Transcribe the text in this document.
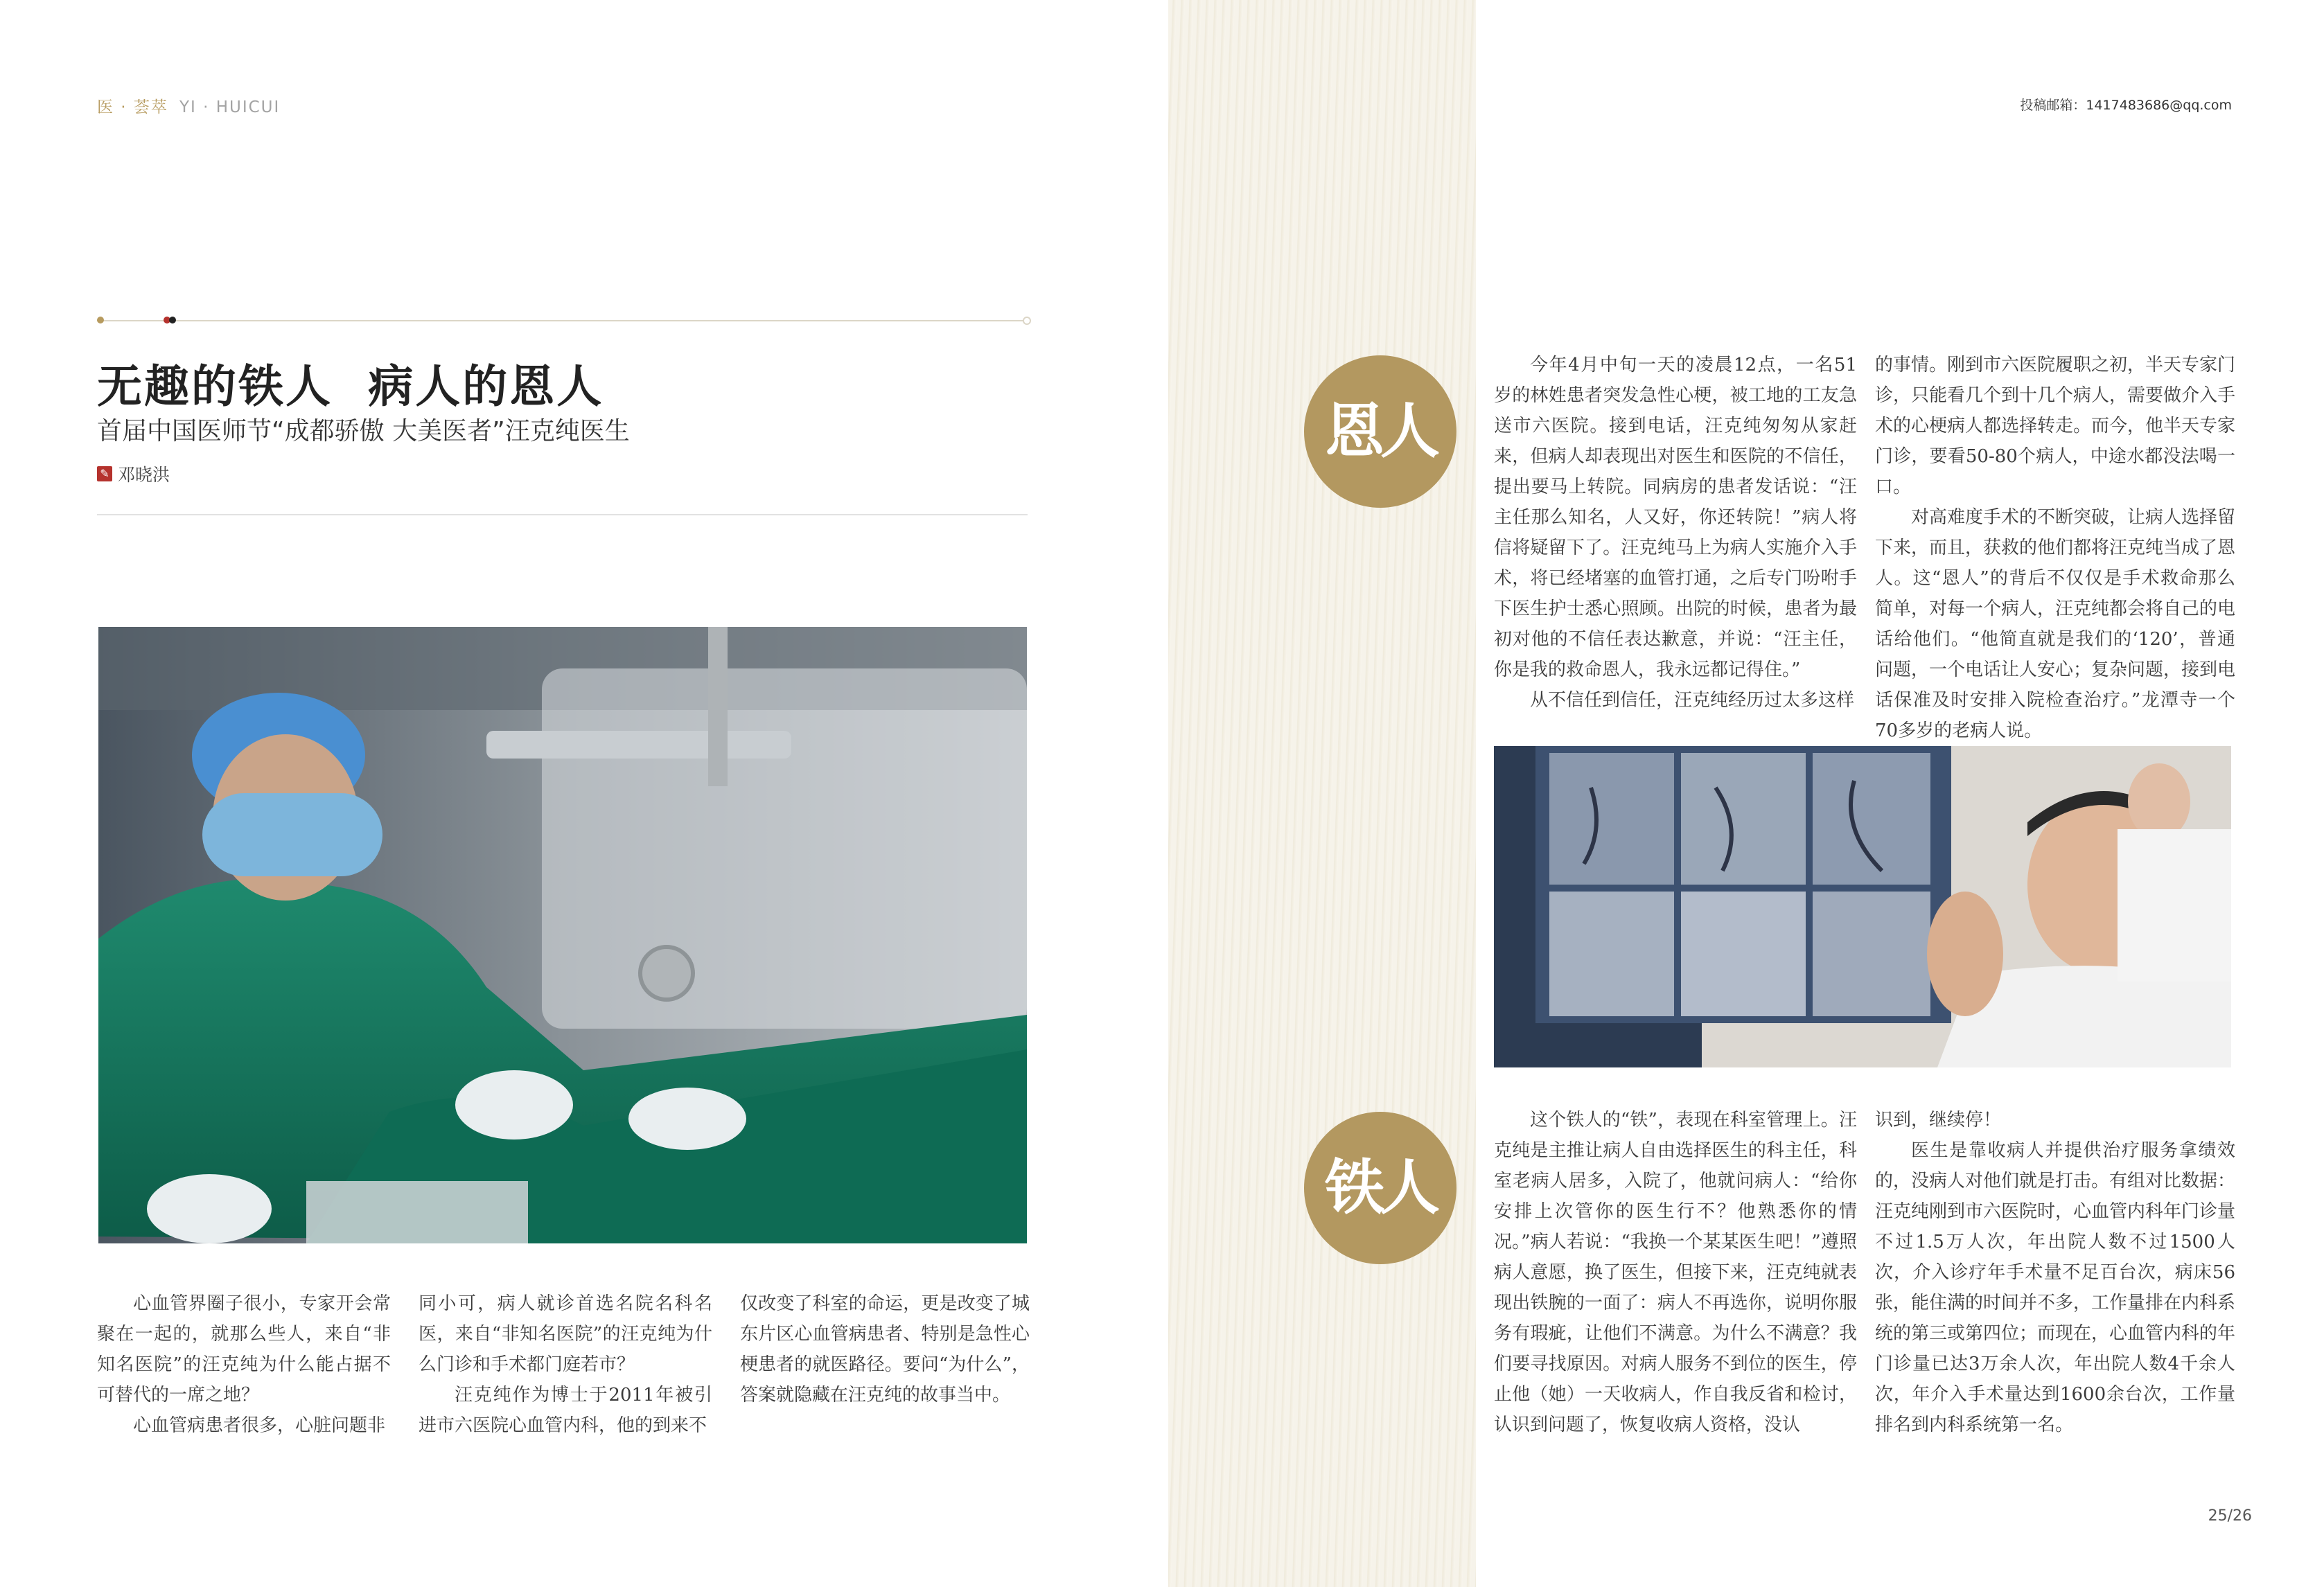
医 · 荟萃 YI · HUICUI
无趣的铁人  病人的恩人
首届中国医师节“成都骄傲 大美医者”汪克纯医生
✎ 邓晓洪

心血管界圈子很小，专家开会常聚在一起的，就那么些人，来自“非知名医院”的汪克纯为什么能占据不可替代的一席之地？

心血管病患者很多，心脏问题非

同小可，病人就诊首选名院名科名医，来自“非知名医院”的汪克纯为什么门诊和手术都门庭若市？

汪克纯作为博士于2011年被引进市六医院心血管内科，他的到来不

仅改变了科室的命运，更是改变了城东片区心血管病患者、特别是急性心梗患者的就医路径。要问“为什么”，答案就隐藏在汪克纯的故事当中。

投稿邮箱：1417483686@qq.com
恩人

今年4月中旬一天的凌晨12点，一名51岁的林姓患者突发急性心梗，被工地的工友急送市六医院。接到电话，汪克纯匆匆从家赶来，但病人却表现出对医生和医院的不信任，提出要马上转院。同病房的患者发话说：“汪主任那么知名，人又好，你还转院！”病人将信将疑留下了。汪克纯马上为病人实施介入手术，将已经堵塞的血管打通，之后专门吩咐手下医生护士悉心照顾。出院的时候，患者为最初对他的不信任表达歉意，并说：“汪主任，你是我的救命恩人，我永远都记得住。”

从不信任到信任，汪克纯经历过太多这样

的事情。刚到市六医院履职之初，半天专家门诊，只能看几个到十几个病人，需要做介入手术的心梗病人都选择转走。而今，他半天专家门诊，要看50-80个病人，中途水都没法喝一口。

对高难度手术的不断突破，让病人选择留下来，而且，获救的他们都将汪克纯当成了恩人。这“恩人”的背后不仅仅是手术救命那么简单，对每一个病人，汪克纯都会将自己的电话给他们。“他简直就是我们的‘120’，普通问题，一个电话让人安心；复杂问题，接到电话保准及时安排入院检查治疗。”龙潭寺一个70多岁的老病人说。

铁人

这个铁人的“铁”，表现在科室管理上。汪克纯是主推让病人自由选择医生的科主任，科室老病人居多，入院了，他就问病人：“给你安排上次管你的医生行不？他熟悉你的情况。”病人若说：“我换一个某某医生吧！”遵照病人意愿，换了医生，但接下来，汪克纯就表现出铁腕的一面了：病人不再选你，说明你服务有瑕疵，让他们不满意。为什么不满意？我们要寻找原因。对病人服务不到位的医生，停止他（她）一天收病人，作自我反省和检讨，认识到问题了，恢复收病人资格，没认

识到，继续停！

医生是靠收病人并提供治疗服务拿绩效的，没病人对他们就是打击。有组对比数据：汪克纯刚到市六医院时，心血管内科年门诊量不过1.5万人次，年出院人数不过1500人次，介入诊疗年手术量不足百台次，病床56张，能住满的时间并不多，工作量排在内科系统的第三或第四位；而现在，心血管内科的年门诊量已达3万余人次，年出院人数4千余人次，年介入手术量达到1600余台次，工作量排名到内科系统第一名。

25/26
